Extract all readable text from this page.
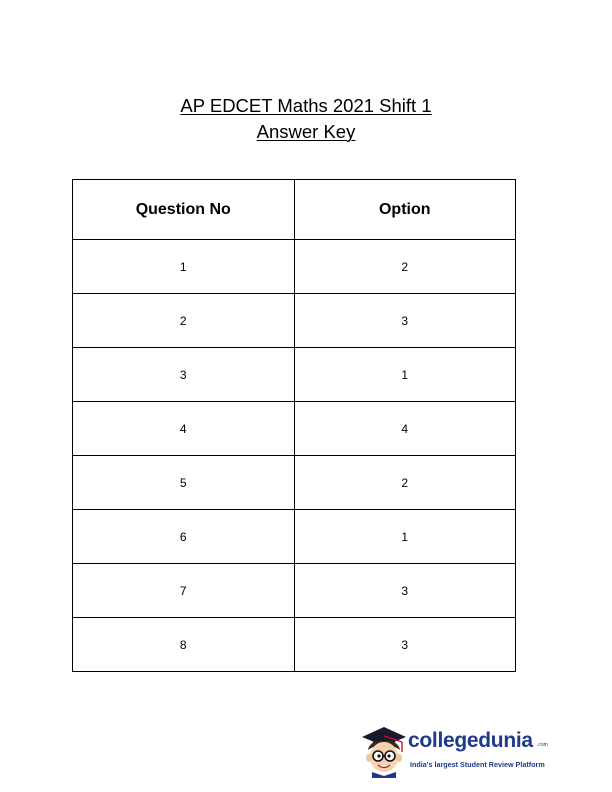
AP EDCET Maths 2021 Shift 1
Answer Key
Question No	Option
1	2
2	3
3	1
4	4
5	2
6	1
7	3
8	3
collegedunia .com
India's largest Student Review Platform
